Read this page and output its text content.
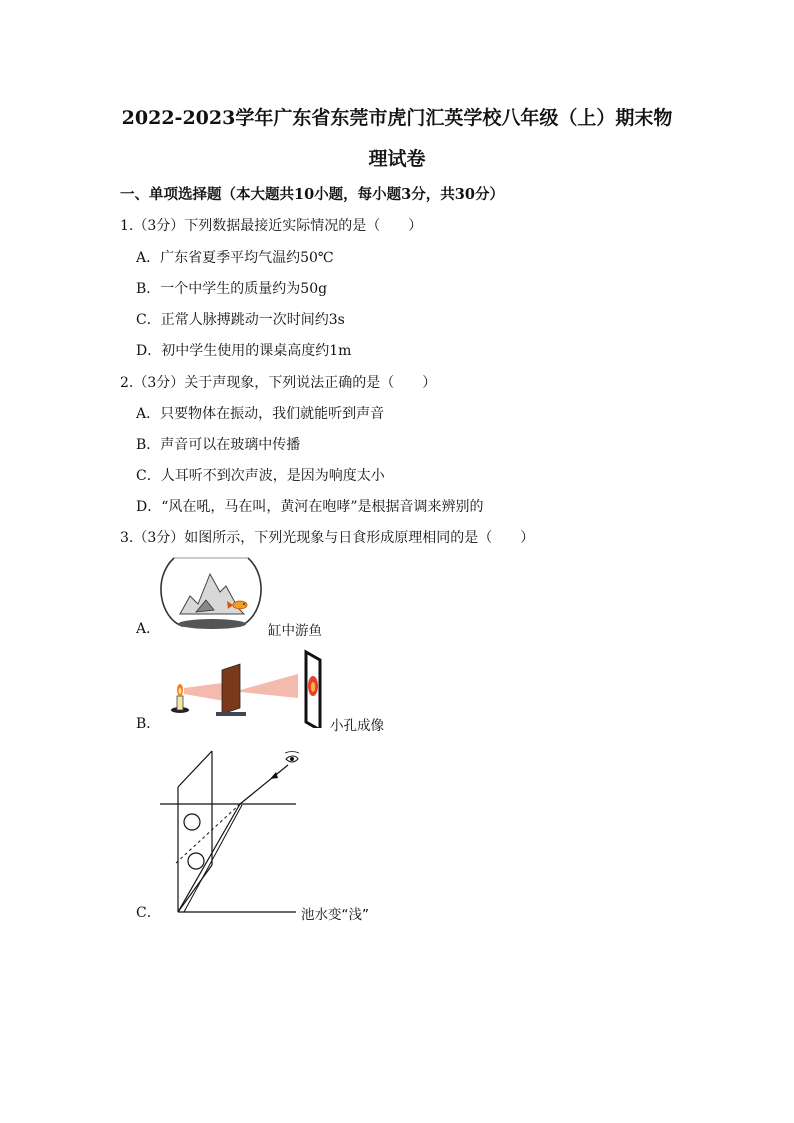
2022-2023学年广东省东莞市虎门汇英学校八年级（上）期末物
理试卷
一、单项选择题（本大题共10小题，每小题3分，共30分）
1.（3分）下列数据最接近实际情况的是（　　）
A．广东省夏季平均气温约50℃
B．一个中学生的质量约为50g
C．正常人脉搏跳动一次时间约3s
D．初中学生使用的课桌高度约1m
2.（3分）关于声现象，下列说法正确的是（　　）
A．只要物体在振动，我们就能听到声音
B．声音可以在玻璃中传播
C．人耳听不到次声波，是因为响度太小
D．“风在吼，马在叫，黄河在咆哮”是根据音调来辨别的
3.（3分）如图所示，下列光现象与日食形成原理相同的是（　　）
A．	缸中游鱼
B．	小孔成像
C．	池水变“浅”
